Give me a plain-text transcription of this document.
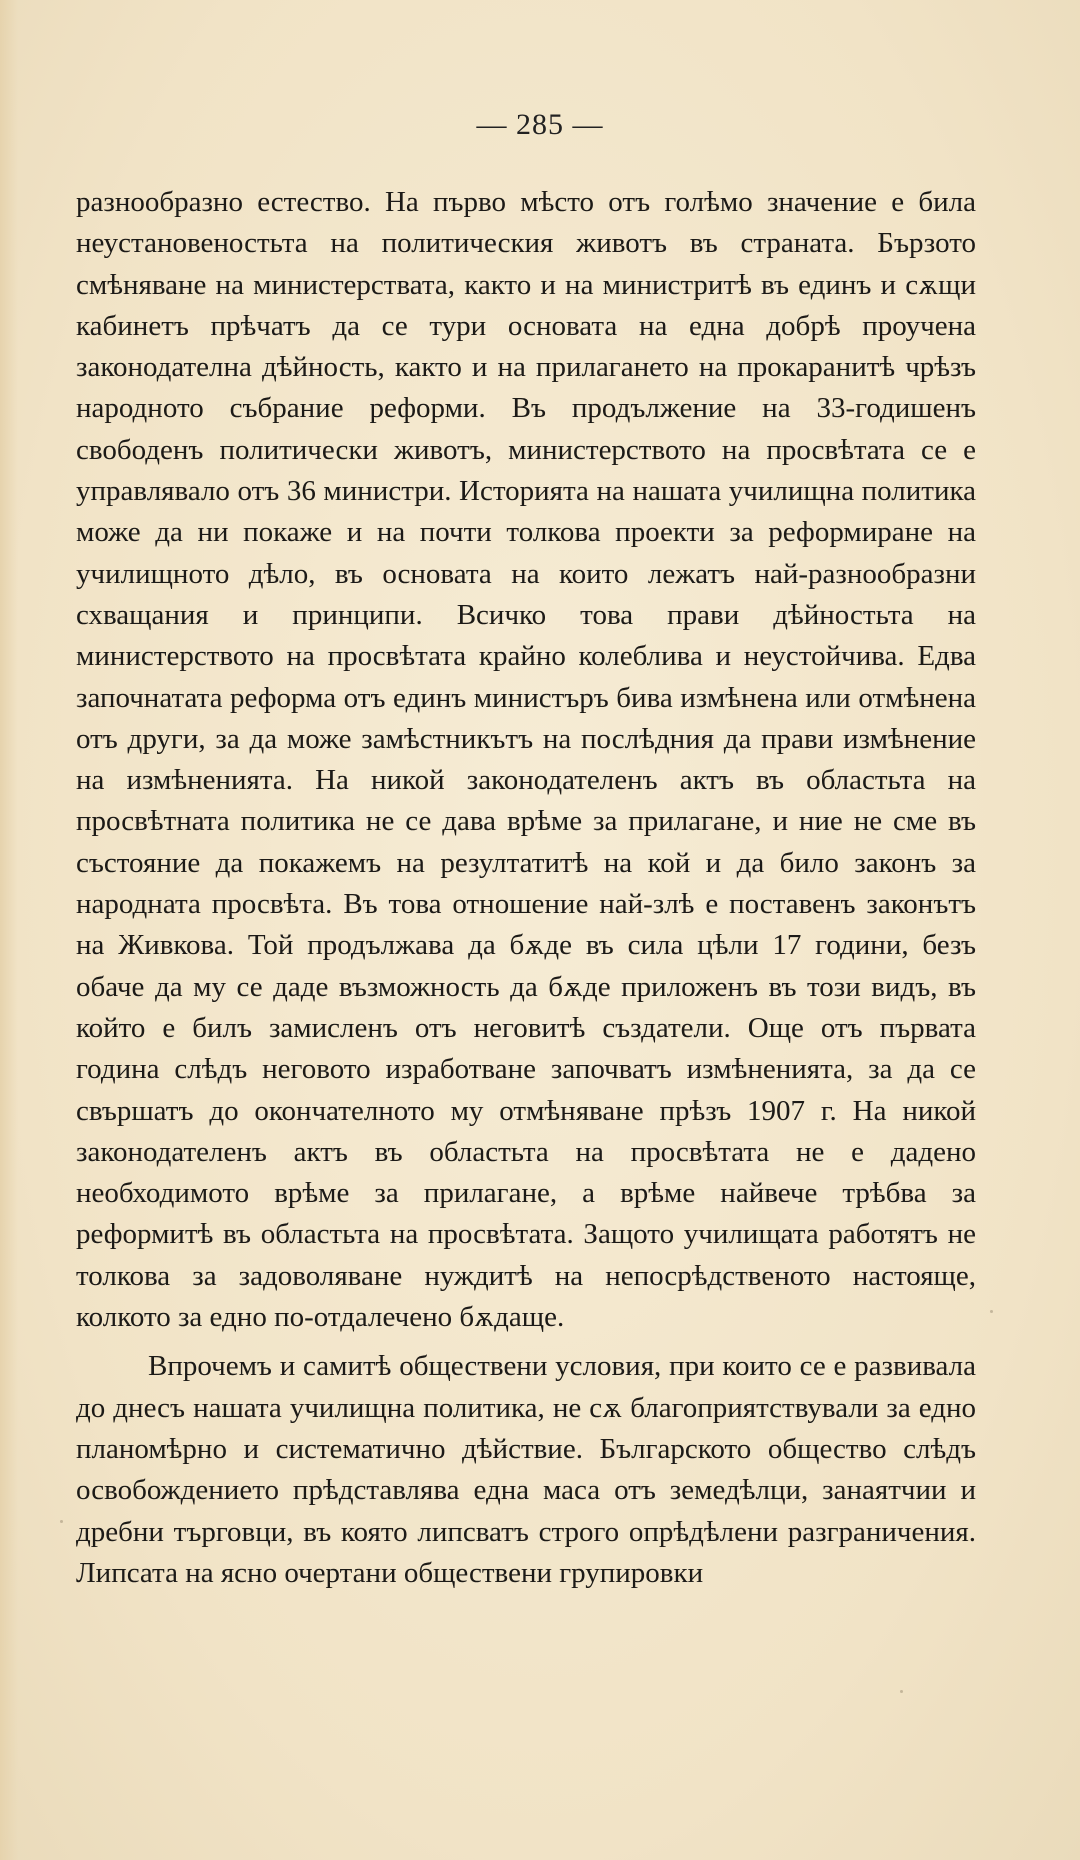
— 285 —

разнообразно естество. На първо мѣсто отъ голѣмо значение е била неустановеностьта на политическия животъ въ страната. Бързото смѣняване на министерствата, както и на министритѣ въ единъ и сѫщи кабинетъ прѣчатъ да се тури основата на една добрѣ проучена законодателна дѣйность, както и на прилагането на прокаранитѣ чрѣзъ народното събрание реформи. Въ продължение на 33-годишенъ свободенъ политически животъ, министерството на просвѣтата се е управлявало отъ 36 министри. Историята на нашата училищна политика може да ни покаже и на почти толкова проекти за реформиране на училищното дѣло, въ основата на които лежатъ най-разнообразни схващания и принципи. Всичко това прави дѣйностьта на министерството на просвѣтата крайно колеблива и неустойчива. Едва започнатата реформа отъ единъ министъръ бива измѣнена или отмѣнена отъ други, за да може замѣстникътъ на послѣдния да прави измѣнение на измѣненията. На никой законодателенъ актъ въ областьта на просвѣтната политика не се дава врѣме за прилагане, и ние не сме въ състояние да покажемъ на резултатитѣ на кой и да било законъ за народната просвѣта. Въ това отношение най-злѣ е поставенъ законътъ на Живкова. Той продължава да бѫде въ сила цѣли 17 години, безъ обаче да му се даде възможность да бѫде приложенъ въ този видъ, въ който е билъ замисленъ отъ неговитѣ създатели. Още отъ първата година слѣдъ неговото изработване започватъ измѣненията, за да се свършатъ до окончателното му отмѣняване прѣзъ 1907 г. На никой законодателенъ актъ въ областьта на просвѣтата не е дадено необходимото врѣме за прилагане, а врѣме найвече трѣбва за реформитѣ въ областьта на просвѣтата. Защото училищата работятъ не толкова за задоволяване нуждитѣ на непосрѣдственото настояще, колкото за едно по-отдалечено бѫдаще.

Впрочемъ и самитѣ обществени условия, при които се е развивала до днесъ нашата училищна политика, не сѫ благоприятствували за едно планомѣрно и систематично дѣйствие. Българското общество слѣдъ освобождението прѣдставлява една маса отъ земедѣлци, занаятчии и дребни търговци, въ която липсватъ строго опрѣдѣлени разграничения. Липсата на ясно очертани обществени групировки
